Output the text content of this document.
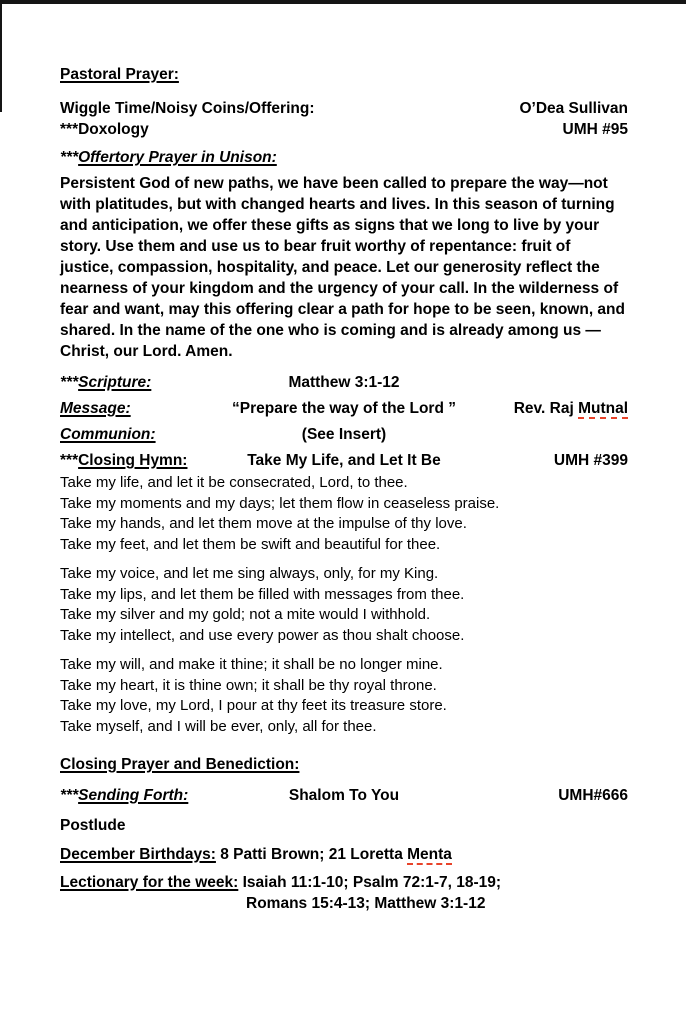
Pastoral Prayer:
Wiggle Time/Noisy Coins/Offering:	O’Dea Sullivan
***Doxology	UMH #95
***Offertory Prayer in Unison:
Persistent God of new paths, we have been called to prepare the way—not with platitudes, but with changed hearts and lives. In this season of turning and anticipation, we offer these gifts as signs that we long to live by your story. Use them and use us to bear fruit worthy of repentance: fruit of justice, compassion, hospitality, and peace. Let our generosity reflect the nearness of your kingdom and the urgency of your call. In the wilderness of fear and want, may this offering clear a path for hope to be seen, known, and shared. In the name of the one who is coming and is already among us —Christ, our Lord. Amen.
***Scripture:	Matthew 3:1-12
Message:	“Prepare the way of the Lord ”	Rev. Raj Mutnal
Communion:	(See Insert)
***Closing Hymn:	Take My Life, and Let It Be	UMH #399
Take my life, and let it be consecrated, Lord, to thee.
Take my moments and my days; let them flow in ceaseless praise.
Take my hands, and let them move at the impulse of thy love.
Take my feet, and let them be swift and beautiful for thee.
Take my voice, and let me sing always, only, for my King.
Take my lips, and let them be filled with messages from thee.
Take my silver and my gold; not a mite would I withhold.
Take my intellect, and use every power as thou shalt choose.
Take my will, and make it thine; it shall be no longer mine.
Take my heart, it is thine own; it shall be thy royal throne.
Take my love, my Lord, I pour at thy feet its treasure store.
Take myself, and I will be ever, only, all for thee.
Closing Prayer and Benediction:
***Sending Forth:	Shalom To You	UMH#666
Postlude
December Birthdays: 8 Patti Brown; 21 Loretta Menta
Lectionary for the week: Isaiah 11:1-10; Psalm 72:1-7, 18-19;
Romans 15:4-13; Matthew 3:1-12
